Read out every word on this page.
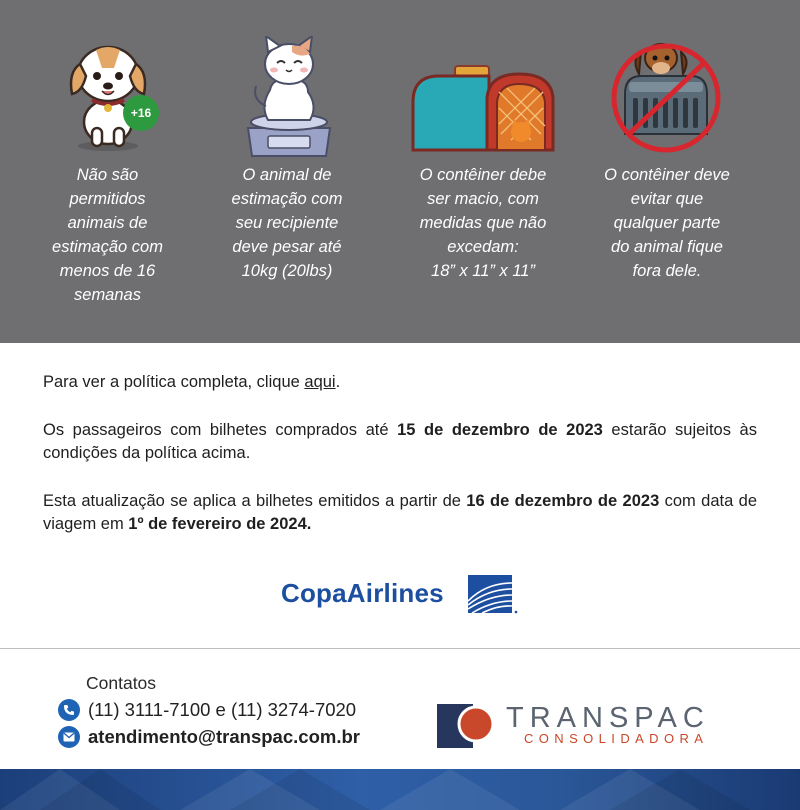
+16
Não são
permitidos
animais de
estimação com
menos de 16
semanas
O animal de
estimação com
seu recipiente
deve pesar até
10kg (20lbs)
O contêiner debe
ser macio, com
medidas que não
excedam:
18” x 11” x 11”
O contêiner deve
evitar que
qualquer parte
do animal fique
fora dele.

Para ver a política completa, clique aqui.

Os passageiros com bilhetes comprados até 15 de dezembro de 2023 estarão sujeitos às condições da política acima.

Esta atualização se aplica a bilhetes emitidos a partir de 16 de dezembro de 2023 com data de viagem em 1º de fevereiro de 2024.

CopaAirlines
Contatos
(11) 3111-7100 e (11) 3274-7020
atendimento@transpac.com.br
TRANSPAC
CONSOLIDADORA
